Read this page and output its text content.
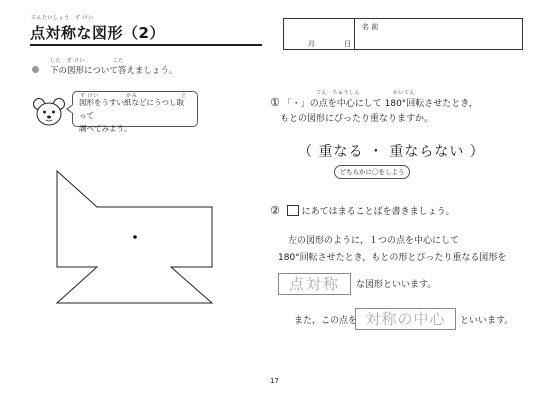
てんたいしょう　ず けい
点対称な図形（2）	名 前
月	日
した　ず けい　　　　　こた
下の図形について答えましょう。
図形をうすい紙などにうつし取って
調べてみよう。
ず けい　　　　　かみ　　　　　　　　と	てん　ちゅうしん　　　　　　かいてん
① 「・」の点を中心にして 180°回転させたとき，
もとの図形にぴったり重なりますか。
（ 重なる ・ 重ならない ）
どちらかに〇をしよう
② にあてはまることばを書きましょう。
左の図形のように，１つの点を中心にして
180°回転させたとき，もとの形とぴったり重なる図形を
点対称	な図形といいます。
また，この点を 対称の中心	といいます。
17
